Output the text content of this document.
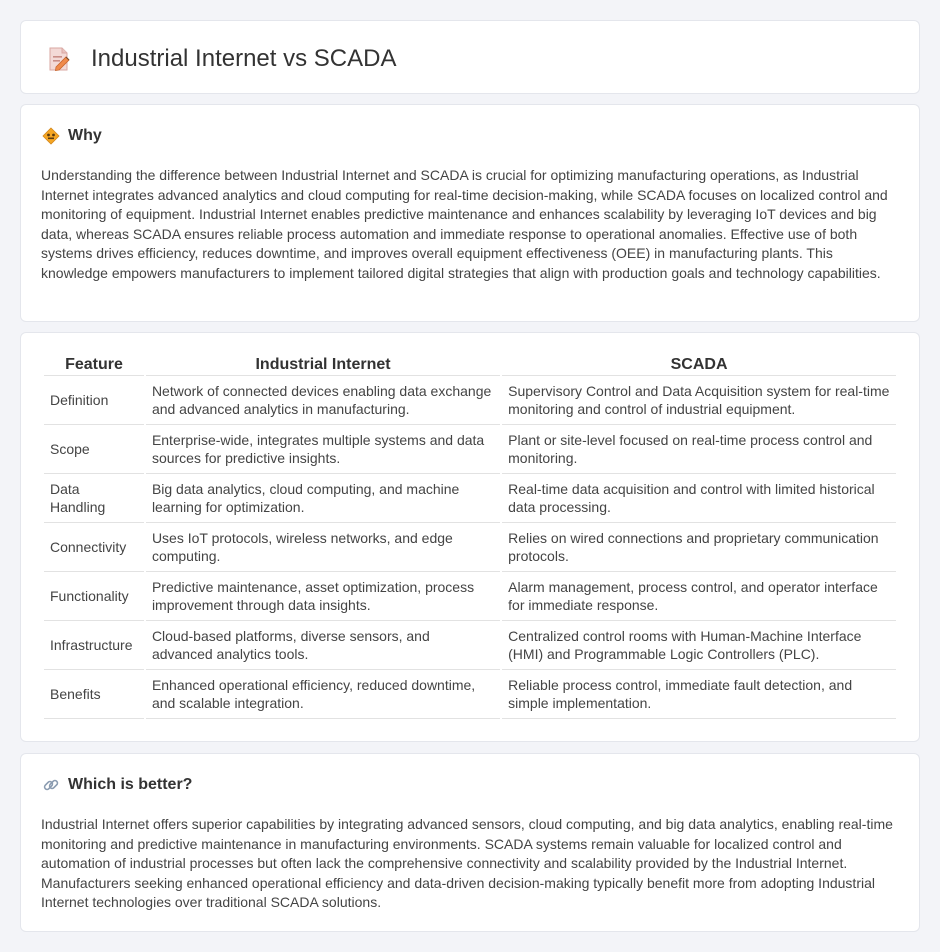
Industrial Internet vs SCADA
Why

Understanding the difference between Industrial Internet and SCADA is crucial for optimizing manufacturing operations, as Industrial Internet integrates advanced analytics and cloud computing for real-time decision-making, while SCADA focuses on localized control and monitoring of equipment. Industrial Internet enables predictive maintenance and enhances scalability by leveraging IoT devices and big data, whereas SCADA ensures reliable process automation and immediate response to operational anomalies. Effective use of both systems drives efficiency, reduces downtime, and improves overall equipment effectiveness (OEE) in manufacturing plants. This knowledge empowers manufacturers to implement tailored digital strategies that align with production goals and technology capabilities.

Feature	Industrial Internet	SCADA
Definition	Network of connected devices enabling data exchange and advanced analytics in manufacturing.	Supervisory Control and Data Acquisition system for real-time monitoring and control of industrial equipment.
Scope	Enterprise-wide, integrates multiple systems and data sources for predictive insights.	Plant or site-level focused on real-time process control and monitoring.
Data Handling	Big data analytics, cloud computing, and machine learning for optimization.	Real-time data acquisition and control with limited historical data processing.
Connectivity	Uses IoT protocols, wireless networks, and edge computing.	Relies on wired connections and proprietary communication protocols.
Functionality	Predictive maintenance, asset optimization, process improvement through data insights.	Alarm management, process control, and operator interface for immediate response.
Infrastructure	Cloud-based platforms, diverse sensors, and advanced analytics tools.	Centralized control rooms with Human-Machine Interface (HMI) and Programmable Logic Controllers (PLC).
Benefits	Enhanced operational efficiency, reduced downtime, and scalable integration.	Reliable process control, immediate fault detection, and simple implementation.
Which is better?

Industrial Internet offers superior capabilities by integrating advanced sensors, cloud computing, and big data analytics, enabling real-time monitoring and predictive maintenance in manufacturing environments. SCADA systems remain valuable for localized control and automation of industrial processes but often lack the comprehensive connectivity and scalability provided by the Industrial Internet. Manufacturers seeking enhanced operational efficiency and data-driven decision-making typically benefit more from adopting Industrial Internet technologies over traditional SCADA solutions.
